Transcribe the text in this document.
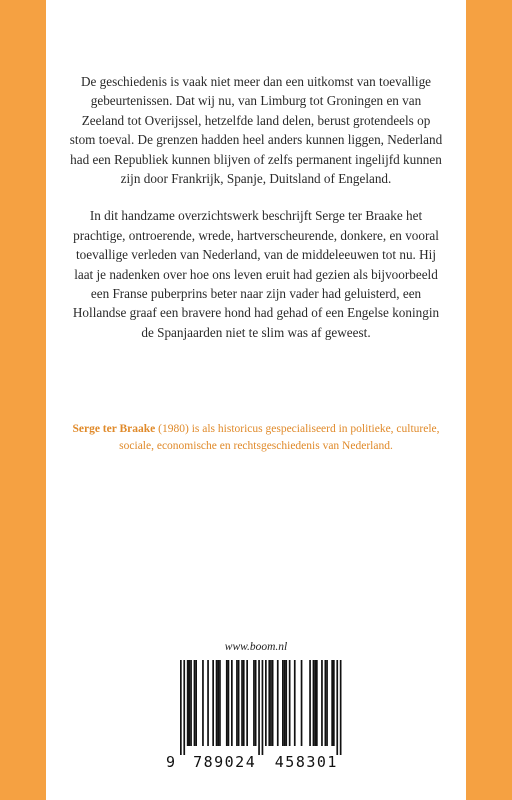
De geschiedenis is vaak niet meer dan een uitkomst van toevallige gebeurtenissen. Dat wij nu, van Limburg tot Groningen en van Zeeland tot Overijssel, hetzelfde land delen, berust grotendeels op stom toeval. De grenzen hadden heel anders kunnen liggen, Nederland had een Republiek kunnen blijven of zelfs permanent ingelijfd kunnen zijn door Frankrijk, Spanje, Duitsland of Engeland.

In dit handzame overzichtswerk beschrijft Serge ter Braake het prachtige, ontroerende, wrede, hartverscheurende, donkere, en vooral toevallige verleden van Nederland, van de middeleeuwen tot nu. Hij laat je nadenken over hoe ons leven eruit had gezien als bijvoorbeeld een Franse puberprins beter naar zijn vader had geluisterd, een Hollandse graaf een bravere hond had gehad of een Engelse koningin de Spanjaarden niet te slim was af geweest.

Serge ter Braake (1980) is als historicus gespecialiseerd in politieke, culturele, sociale, economische en rechtsgeschiedenis van Nederland.
www.boom.nl
9 789024 458301
